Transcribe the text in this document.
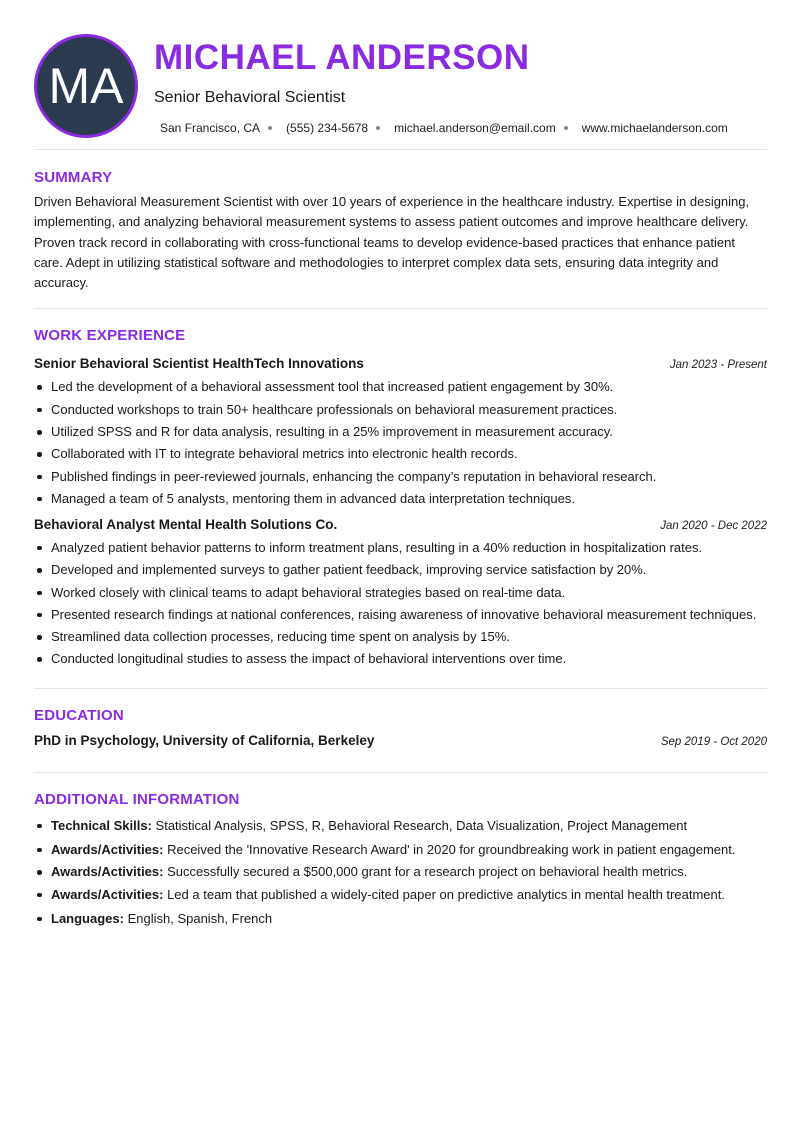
MA
MICHAEL ANDERSON
Senior Behavioral Scientist
San Francisco, CA (555) 234-5678 michael.anderson@email.com www.michaelanderson.com
SUMMARY

Driven Behavioral Measurement Scientist with over 10 years of experience in the healthcare industry. Expertise in designing, implementing, and analyzing behavioral measurement systems to assess patient outcomes and improve healthcare delivery. Proven track record in collaborating with cross-functional teams to develop evidence-based practices that enhance patient care. Adept in utilizing statistical software and methodologies to interpret complex data sets, ensuring data integrity and accuracy.

WORK EXPERIENCE
Senior Behavioral Scientist HealthTech Innovations	Jan 2023 - Present
Led the development of a behavioral assessment tool that increased patient engagement by 30%.
Conducted workshops to train 50+ healthcare professionals on behavioral measurement practices.
Utilized SPSS and R for data analysis, resulting in a 25% improvement in measurement accuracy.
Collaborated with IT to integrate behavioral metrics into electronic health records.
Published findings in peer-reviewed journals, enhancing the company’s reputation in behavioral research.
Managed a team of 5 analysts, mentoring them in advanced data interpretation techniques.
Behavioral Analyst Mental Health Solutions Co.	Jan 2020 - Dec 2022
Analyzed patient behavior patterns to inform treatment plans, resulting in a 40% reduction in hospitalization rates.
Developed and implemented surveys to gather patient feedback, improving service satisfaction by 20%.
Worked closely with clinical teams to adapt behavioral strategies based on real-time data.
Presented research findings at national conferences, raising awareness of innovative behavioral measurement techniques.
Streamlined data collection processes, reducing time spent on analysis by 15%.
Conducted longitudinal studies to assess the impact of behavioral interventions over time.
EDUCATION
PhD in Psychology, University of California, Berkeley	Sep 2019 - Oct 2020
ADDITIONAL INFORMATION
Technical Skills: Statistical Analysis, SPSS, R, Behavioral Research, Data Visualization, Project Management
Awards/Activities: Received the 'Innovative Research Award' in 2020 for groundbreaking work in patient engagement.
Awards/Activities: Successfully secured a $500,000 grant for a research project on behavioral health metrics.
Awards/Activities: Led a team that published a widely-cited paper on predictive analytics in mental health treatment.
Languages: English, Spanish, French
